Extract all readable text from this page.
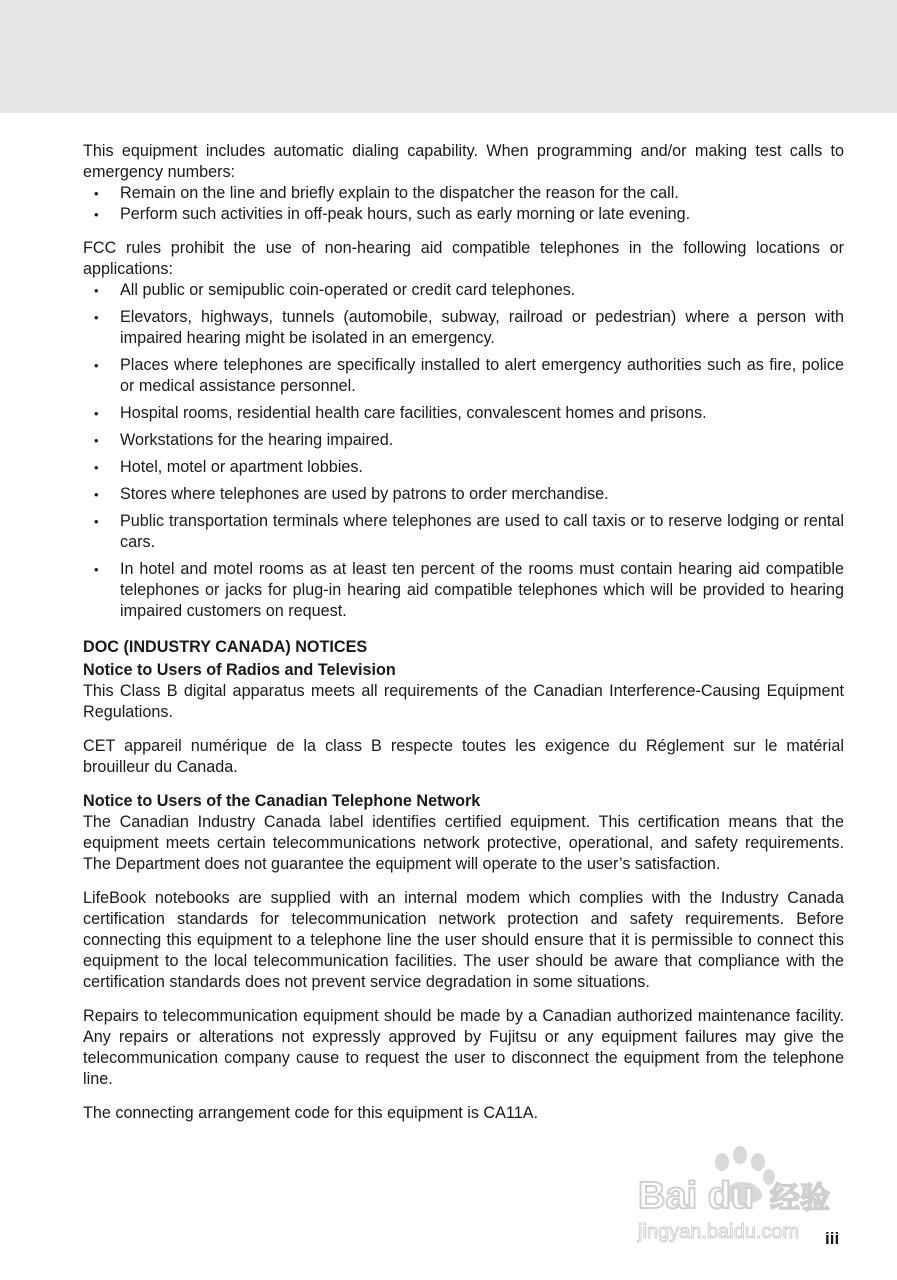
This equipment includes automatic dialing capability. When programming and/or making test calls to emergency numbers:

• Remain on the line and briefly explain to the dispatcher the reason for the call.
• Perform such activities in off-peak hours, such as early morning or late evening.

FCC rules prohibit the use of non-hearing aid compatible telephones in the following locations or applications:

• All public or semipublic coin-operated or credit card telephones.
• Elevators, highways, tunnels (automobile, subway, railroad or pedestrian) where a person with impaired hearing might be isolated in an emergency.
• Places where telephones are specifically installed to alert emergency authorities such as fire, police or medical assistance personnel.
• Hospital rooms, residential health care facilities, convalescent homes and prisons.
• Workstations for the hearing impaired.
• Hotel, motel or apartment lobbies.
• Stores where telephones are used by patrons to order merchandise.
• Public transportation terminals where telephones are used to call taxis or to reserve lodging or rental cars.
• In hotel and motel rooms as at least ten percent of the rooms must contain hearing aid compatible telephones or jacks for plug-in hearing aid compatible telephones which will be provided to hearing impaired customers on request.

DOC (INDUSTRY CANADA) NOTICES

Notice to Users of Radios and Television

This Class B digital apparatus meets all requirements of the Canadian Interference-Causing Equipment Regulations.

CET appareil numérique de la class B respecte toutes les exigence du Réglement sur le matérial brouilleur du Canada.

Notice to Users of the Canadian Telephone Network

The Canadian Industry Canada label identifies certified equipment. This certification means that the equipment meets certain telecommunications network protective, operational, and safety requirements. The Department does not guarantee the equipment will operate to the user’s satisfaction.

LifeBook notebooks are supplied with an internal modem which complies with the Industry Canada certification standards for telecommunication network protection and safety requirements. Before connecting this equipment to a telephone line the user should ensure that it is permissible to connect this equipment to the local telecommunication facilities. The user should be aware that compliance with the certification standards does not prevent service degradation in some situations.

Repairs to telecommunication equipment should be made by a Canadian authorized maintenance facility. Any repairs or alterations not expressly approved by Fujitsu or any equipment failures may give the telecommunication company cause to request the user to disconnect the equipment from the telephone line.

The connecting arrangement code for this equipment is CA11A.

Bai du 经验
jingyan.baidu.com iii
